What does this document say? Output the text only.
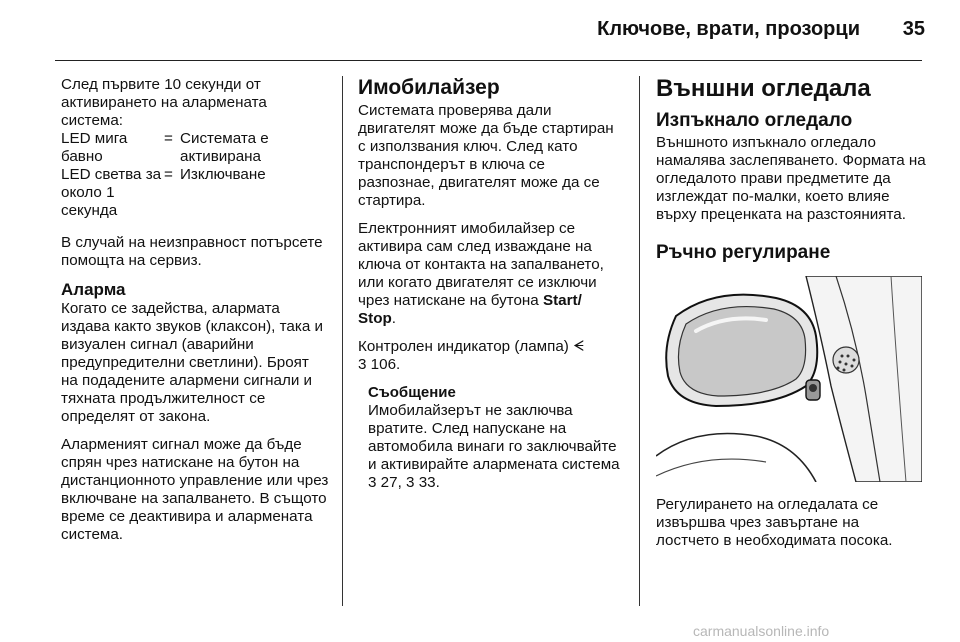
Ключове, врати, прозорци	35

След първите 10 секунди от активирането на алармената система:

LED мига бавно
= Системата е активирана
LED светва за около 1 секунда
= Изключване

В случай на неизправност потърсете помощта на сервиз.

Аларма

Когато се задейства, алармата издава както звуков (клаксон), така и визуален сигнал (аварийни предупредителни светлини). Броят на подадените алармени сигнали и тяхната продължителност се определят от закона.

Алармeният сигнал може да бъде спрян чрез натискане на бутон на дистанционното управление или чрез включване на запалването. В същото време се деактивира и алармената система.

Имобилайзер

Системата проверява дали двигателят може да бъде стартиран с използвания ключ. След като транспондерът в ключа се разпознае, двигателят може да се стартира.

Електронният имобилайзер се активира сам след изваждане на ключа от контакта на запалването, или когато двигателят се изключи чрез натискане на бутона Start/ Stop.

Контролен индикатор (лампа) ᗕ
3 106.

Съобщение

Имобилайзерът не заключва вратите. След напускане на автомобила винаги го заключвайте и активирайте алармената система 3 27, 3 33.

Външни огледала

Изпъкнало огледало

Външното изпъкнало огледало намалява заслепяването. Формата на огледалото прави предметите да изглеждат по-малки, което влияе върху преценката на разстоянията.

Ръчно регулиране

Регулирането на огледалата се извършва чрез завъртане на лостчето в необходимата посока.

carmanualsonline.info
